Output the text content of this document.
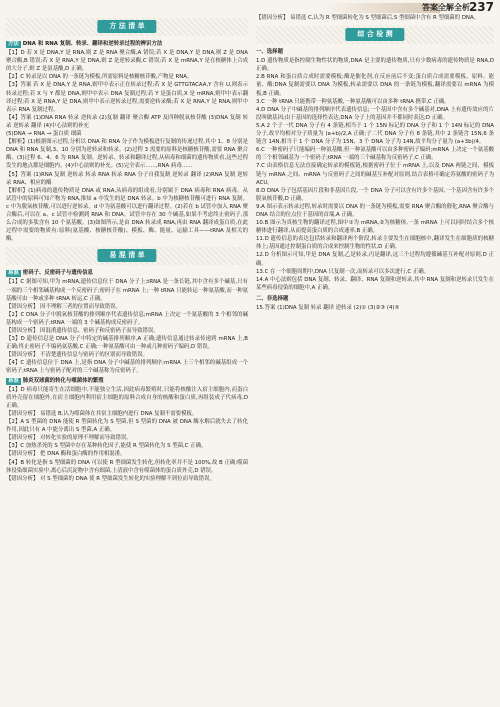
答案全解全析
237
方 法 清 单
方法 DNA 和 RNA 复制、转录、翻译和逆转录过程的辨识方法

【1】D 若 X 是 DNA,Y 是 RNA,则 Z 是 RNA 聚合酶,A 错误;若 X 是 DNA,Y 是 DNA,则 Z 是 DNA 聚合酶,B 错误;若 X 是 RNA,Y 是 DNA,则 Z 是逆转录酶,C 错误;若 X 是 mRNA,Y 是在核糖体上合成的大分子,则 Z 是氨基酸,D 正确。

【2】C 转录是以 DNA 的一条链为模板,所需原料是核糖核苷酸,产物是 RNA。

【3】答案 若 X 是 DNA,Y 是 RNA,则甲中表示正在转录过程;若 X 是 GTTGTACAA,Y 含有 U,则表示转录过程;若 X 与 Y 都是 DNA,则甲中表示 DNA 复制过程;若 Y 是蛋白质,X 是 mRNA,则甲中表示翻译过程;若 X 是 RNA,Y 是 DNA,则甲中表示逆转录过程,需要逆转录酶;若 X 是 RNA,Y 是 RNA,则甲中表示 RNA 复制过程。

【4】答案 (1)DNA RNA 转录 逆转录 (2)复制 翻译 聚合酶 ATP 及四种脱氧核苷酸 (3)DNA 复制 转录 逆转录 翻译 (4)中心法则的补充

(5)DNA → RNA → 蛋白质 细菌

【解析】(1)根据图示过程,分析以 DNA 和 RNA 分子作为模板进行复制的传递过程,其中 1、8 分别是 DNA 和 RNA 复制,3、10 分别为逆转录和转录。(2)过程 3 需要的原料是核糖核苷酸,需要 RNA 聚合酶。(3)过程 6、4、6 为 RNA 复制、逆转录、转录和翻译过程,从病毒和细菌的遗传物质看,这些过程发生的地点都是细胞内。(4)中心法则的补充。(5)完全表示……,RNA 病毒……

【5】答案 (1)RNA 复制 逆转录 转录 RNA 转录 RNA 分子自我复制 逆转录 翻译 (2)RNA 复制 逆转录 RNA、相应的酶

【解析】(1)病毒的遗传物质是 DNA 或 RNA,从病毒的组成看,分别属于 DNA 病毒和 RNA 病毒。从试管中的原料可知产物为 RNA,推知 a 中发生的是 DNA 转录。b 中为核糖核苷酸可进行 RNA 复制。c 中为脱氧核苷酸,可以进行逆转录。d 中为氨基酸可以进行翻译过程。(2)若在 b 试管中加入 RNA 聚合酶后,可以在 a、c 试管中检测到 RNA 和 DNA。试管中存在 30 个碱基,如果不考虑终止密码子,那么合成的多肽含有 10 个氨基酸。(3)如图所示,是由 DNA 转录成 RNA,再由 RNA 翻译成蛋白质,在此过程中需要的物质有:原料(氨基酸、核糖核苷酸)、模板、酶、能量、运输工具——tRNA 及相关的酶。

易 混 清 单
易混 密码子、反密码子与遗传信息

【1】C 据图可知,甲为 mRNA,遗传信息位于 DNA 分子上;tRNA 是一条长链,其中含有多个碱基,只有一端的三个相邻碱基构成一个反密码子;密码子在 mRNA 上;一种 tRNA 只能转运一种氨基酸,而一种氨基酸可由一种或多种 tRNA 转运,C 正确。

【错因分析】 因不理解三者的位置而导致错误。

【2】C DNA 分子中脱氧核苷酸的排列顺序代表遗传信息;mRNA 上决定一个氨基酸的 3 个相邻的碱基构成一个密码子;tRNA 一端的 3 个碱基构成反密码子。

【错因分析】 因混淆遗传信息、密码子和反密码子而导致错误。

【3】D 遗传信息是 DNA 分子中特定的碱基排列顺序,A 正确;遗传信息通过转录传递到 mRNA 上,B 正确;终止密码子不编码氨基酸,C 正确;一种氨基酸可由一种或几种密码子编码,D 错误。

【错因分析】 不清楚遗传信息与密码子的区别而导致错误。

【4】C 遗传信息位于 DNA 上,是指 DNA 分子中碱基的排列顺序;mRNA 上三个相邻的碱基组成一个密码子;tRNA 上与密码子配对的三个碱基称为反密码子。

易混 肺炎双球菌的转化与噬菌体的繁殖

【1】D 病毒只能寄生在活细胞中,不能独立生活,因此病毒繁殖时,只能将核酸注入宿主细胞内,而蛋白质外壳留在细胞外,在宿主细胞内利用宿主细胞的原料合成自身的核酸和蛋白质,再组装成子代病毒,D 正确。

【错因分析】 易错选 B,认为噬菌体在其宿主细胞内进行 DNA 复制不需要模板。

【2】A S 型菌的 DNA 能使 R 型菌转化为 S 型菌,但 S 型菌的 DNA 被 DNA 酶水解后就失去了转化作用,因此只有 A 中能分离出 S 型菌,A 正确。

【错因分析】 对转化实验的原理不理解而导致错误。

【3】C 加热杀死的 S 型菌中存在某种转化因子,能使 R 型菌转化为 S 型菌,C 正确。

【错因分析】 把 DNA 酶和蛋白酶的作用相混淆。

【4】B 转化是指 S 型细菌的 DNA 可以使 R 型细菌发生转化,但转化率并不是 100%,故 B 正确;噬菌体侵染细菌实验中,离心后沉淀物中含有细菌,上清液中含有噬菌体的蛋白质外壳,D 错误。

【错因分析】 对 S 型细菌的 DNA 使 R 型细菌发生转化的实验理解不到位而导致错误。

【错因分析】 易错选 C,认为 R 型细菌转化为 S 型细菌后,S 型细菌中含有 R 型细菌的 DNA。

综 合 检 测
一、选择题

1.D 遗传物质是指控制生物性状的物质,DNA 是主要的遗传物质,只有少数病毒的遗传物质是 RNA,D 正确。

2.B RNA 和蛋白质合成时需要模板;酶是催化剂,在反应前后不变;蛋白质合成需要模板、原料、能量、酶;DNA 复制需要以 DNA 为模板,转录需要以 DNA 的一条链为模板,翻译需要以 mRNA 为模板,B 正确。

3.C 一种 tRNA 只能携带一种氨基酸,一种氨基酸可以由多种 tRNA 携带,C 正确。

4.D DNA 分子中碱基的排列顺序代表遗传信息;一个基因中含有多个碱基对,DNA 上有遗传效应的片段叫做基因;由于基因的选择性表达,DNA 分子上的基因并不都同时表达;D 正确。

5.A 2 个子一代 DNA 分子有 4 条链,相当于 1 个 15N 标记的 DNA 分子和 1 个 14N 标记的 DNA 分子,故平均相对分子质量为 (a+b)/2,A 正确;子二代 DNA 分子有 8 条链,其中 2 条链含 15N,6 条链含 14N,相当于 1 个 DNA 分子为 15N、3 个 DNA 分子为 14N,故平均分子量为 (a+3b)/4。

6.C 一种密码子只能编码一种氨基酸,但一种氨基酸可以由多种密码子编码;mRNA 上决定一个氨基酸的三个相邻碱基为一个密码子;tRNA 一端的三个碱基称为反密码子,C 正确。

7.C 由表格信息无法直接确定转录的模板链,根据密码子位于 mRNA 上,以及 DNA 两链之间、模板链与 mRNA 之间、mRNA 与反密码子之间的碱基互补配对原则,结合表格可确定苏氨酸的密码子为 ACU。

8.D DNA 分子包括基因片段和非基因片段,一个 DNA 分子可以含有许多个基因,一个基因含有许多个脱氧核苷酸,D 正确。

9.A 图示表示转录过程,转录时需要以 DNA 的一条链为模板,需要 RNA 聚合酶的催化,RNA 聚合酶与 DNA 结合的位点位于基因的首端,A 正确。

10.B 图示为真核生物的翻译过程,图中①为 mRNA,②为核糖体,一条 mRNA 上可以同时结合多个核糖体进行翻译,从而提高蛋白质的合成速率,B 正确。

11.D 遗传信息的表达包括转录和翻译两个阶段,转录主要发生在细胞核中,翻译发生在细胞质的核糖体上;基因通过控制蛋白质的合成来控制生物的性状,D 正确。

12.D 分析图示可知,甲是 DNA 复制,乙是转录,丙是翻译,这三个过程均遵循碱基互补配对原则,D 正确。

13.C 在一个细胞周期中,DNA 只复制一次,而转录可以多次进行,C 正确。

14.A 中心法则包括 DNA 复制、转录、翻译、RNA 复制和逆转录,其中 RNA 复制和逆转录只发生在某些病毒侵染的细胞中,A 正确。

二、非选择题

15.答案 (1)DNA 复制 转录 翻译 逆转录 (2)① (3)②③ (4)⑤
